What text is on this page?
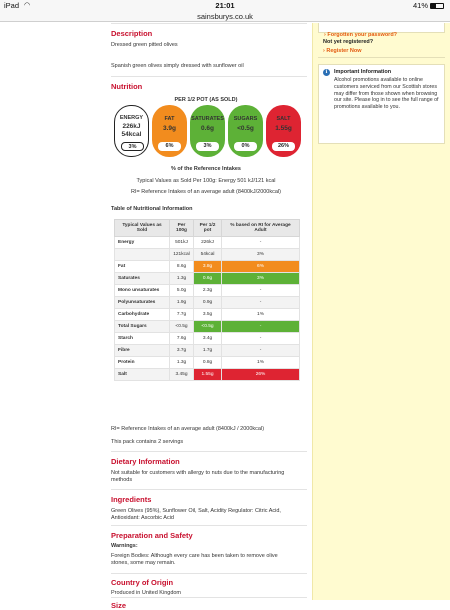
iPad ◠	21:01	41%
sainsburys.co.uk
Description
Dressed green pitted olives
Spanish green olives simply dressed with sunflower oil
Nutrition
PER 1/2 POT (AS SOLD)
ENERGY
226kJ
54kcal
3%
FAT
3.9g
6%
SATURATES
0.6g
3%
SUGARS
<0.5g
0%
SALT
1.55g
26%
% of the Reference Intakes
Typical Values as Sold Per 100g: Energy 501 kJ/121 kcal
RI= Reference Intakes of an average adult (8400kJ/2000kcal)
Table of Nutritional Information
Typical Values as Sold	Per 100g	Per 1/2 pot	% based on RI for Average Adult
Energy	501kJ	226kJ	-
	121kcal	54kcal	3%
Fat	8.6g	3.8g	6%
Saturates	1.3g	0.6g	3%
Mono unsaturates	5.0g	2.3g	-
Polyunsaturates	1.9g	0.9g	-
Carbohydrate	7.7g	3.5g	1%
Total Sugars	<0.5g	<0.5g	-
Starch	7.6g	3.4g	-
Fibre	3.7g	1.7g	-
Protein	1.3g	0.8g	1%
Salt	3.45g	1.55g	26%
RI= Reference Intakes of an average adult (8400kJ / 2000kcal)
This pack contains 2 servings
Dietary Information
Not suitable for customers with allergy to nuts due to the manufacturing methods
Ingredients
Green Olives (95%), Sunflower Oil, Salt, Acidity Regulator: Citric Acid, Antioxidant: Ascorbic Acid
Preparation and Safety
Warnings:
Foreign Bodies: Although every care has been taken to remove olive stones, some may remain.
Country of Origin
Produced in United Kingdom
Size
› Forgotten your password?
Not yet registered?
› Register Now
i	Important Information
Alcohol promotions available to online customers serviced from our Scottish stores may differ from those shown when browsing our site. Please log in to see the full range of promotions available to you.
